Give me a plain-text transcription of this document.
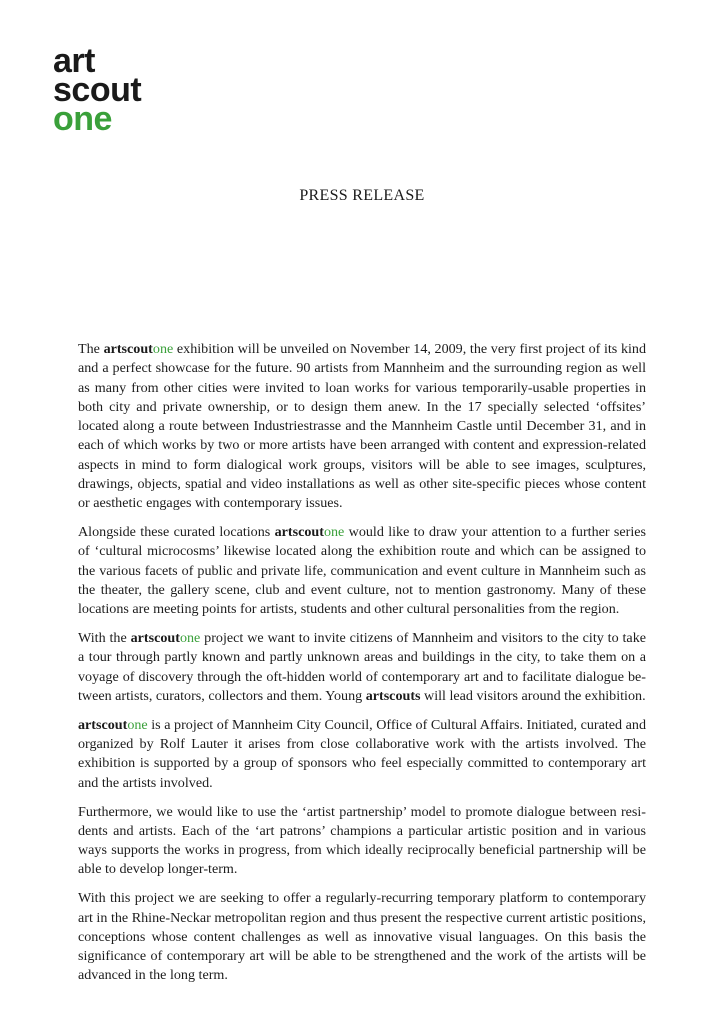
art
scout
one
PRESS RELEASE

The artscoutone exhibition will be unveiled on November 14, 2009, the very first project of its kind and a perfect showcase for the future. 90 artists from Mannheim and the surrounding region as well as many from other cities were invited to loan works for various temporarily-usable properties in both city and private ownership, or to design them anew. In the 17 specially selected ‘offsites’ located along a route between Industriestrasse and the Mannheim Castle until December 31, and in each of which works by two or more artists have been arranged with content and expression-related aspects in mind to form dialogical work groups, visitors will be able to see images, sculptures, drawings, objects, spatial and video installations as well as other site-specific pieces whose content or aesthetic engages with contemporary issues.

Alongside these curated locations artscoutone would like to draw your attention to a further series of ‘cultural microcosms’ likewise located along the exhibition route and which can be assigned to the various facets of public and private life, communication and event culture in Mannheim such as the theater, the gallery scene, club and event culture, not to mention gastronomy. Many of these locations are meeting points for artists, students and other cultural personalities from the region.

With the artscoutone project we want to invite citizens of Mannheim and visitors to the city to take a tour through partly known and partly unknown areas and buildings in the city, to take them on a voyage of discovery through the oft-hidden world of contemporary art and to facilitate dialogue between artists, curators, collectors and them. Young artscouts will lead visitors around the exhibition.

artscoutone is a project of Mannheim City Council, Office of Cultural Affairs. Initiated, curated and organized by Rolf Lauter it arises from close collaborative work with the artists involved. The exhibition is supported by a group of sponsors who feel especially committed to contemporary art and the artists involved.

Furthermore, we would like to use the ‘artist partnership’ model to promote dialogue between residents and artists. Each of the ‘art patrons’ champions a particular artistic position and in various ways supports the works in progress, from which ideally reciprocally beneficial partnership will be able to develop longer-term.

With this project we are seeking to offer a regularly-recurring temporary platform to contemporary art in the Rhine-Neckar metropolitan region and thus present the respective current artistic positions, conceptions whose content challenges as well as innovative visual languages. On this basis the significance of contemporary art will be able to be strengthened and the work of the artists will be advanced in the long term.
